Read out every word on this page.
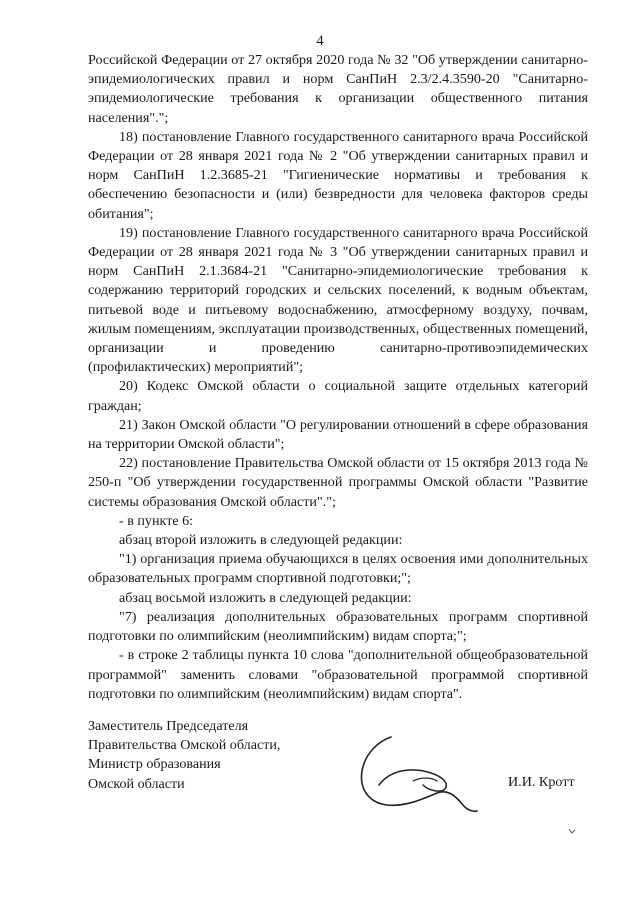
4

Российской Федерации от 27 октября 2020 года № 32 "Об утверждении санитарно-эпидемиологических правил и норм СанПиН 2.3/2.4.3590-20 "Санитарно-эпидемиологические требования к организации общественного питания населения".";

18) постановление Главного государственного санитарного врача Российской Федерации от 28 января 2021 года № 2 "Об утверждении санитарных правил и норм СанПиН 1.2.3685-21 "Гигиенические нормативы и требования к обеспечению безопасности и (или) безвредности для человека факторов среды обитания";

19) постановление Главного государственного санитарного врача Российской Федерации от 28 января 2021 года № 3 "Об утверждении санитарных правил и норм СанПиН 2.1.3684-21 "Санитарно-эпидемиологические требования к содержанию территорий городских и сельских поселений, к водным объектам, питьевой воде и питьевому водоснабжению, атмосферному воздуху, почвам, жилым помещениям, эксплуатации производственных, общественных помещений, организации и проведению санитарно-противоэпидемических (профилактических) мероприятий";

20) Кодекс Омской области о социальной защите отдельных категорий граждан;

21) Закон Омской области "О регулировании отношений в сфере образования на территории Омской области";

22) постановление Правительства Омской области от 15 октября 2013 года № 250-п "Об утверждении государственной программы Омской области "Развитие системы образования Омской области".";

- в пункте 6:

абзац второй изложить в следующей редакции:

"1) организация приема обучающихся в целях освоения ими дополнительных образовательных программ спортивной подготовки;";

абзац восьмой изложить в следующей редакции:

"7) реализация дополнительных образовательных программ спортивной подготовки по олимпийским (неолимпийским) видам спорта;";

- в строке 2 таблицы пункта 10 слова "дополнительной общеобразовательной программой" заменить словами "образовательной программой спортивной подготовки по олимпийским (неолимпийским) видам спорта".

Заместитель Председателя
Правительства Омской области,
Министр образования
Омской области	И.И. Кротт
